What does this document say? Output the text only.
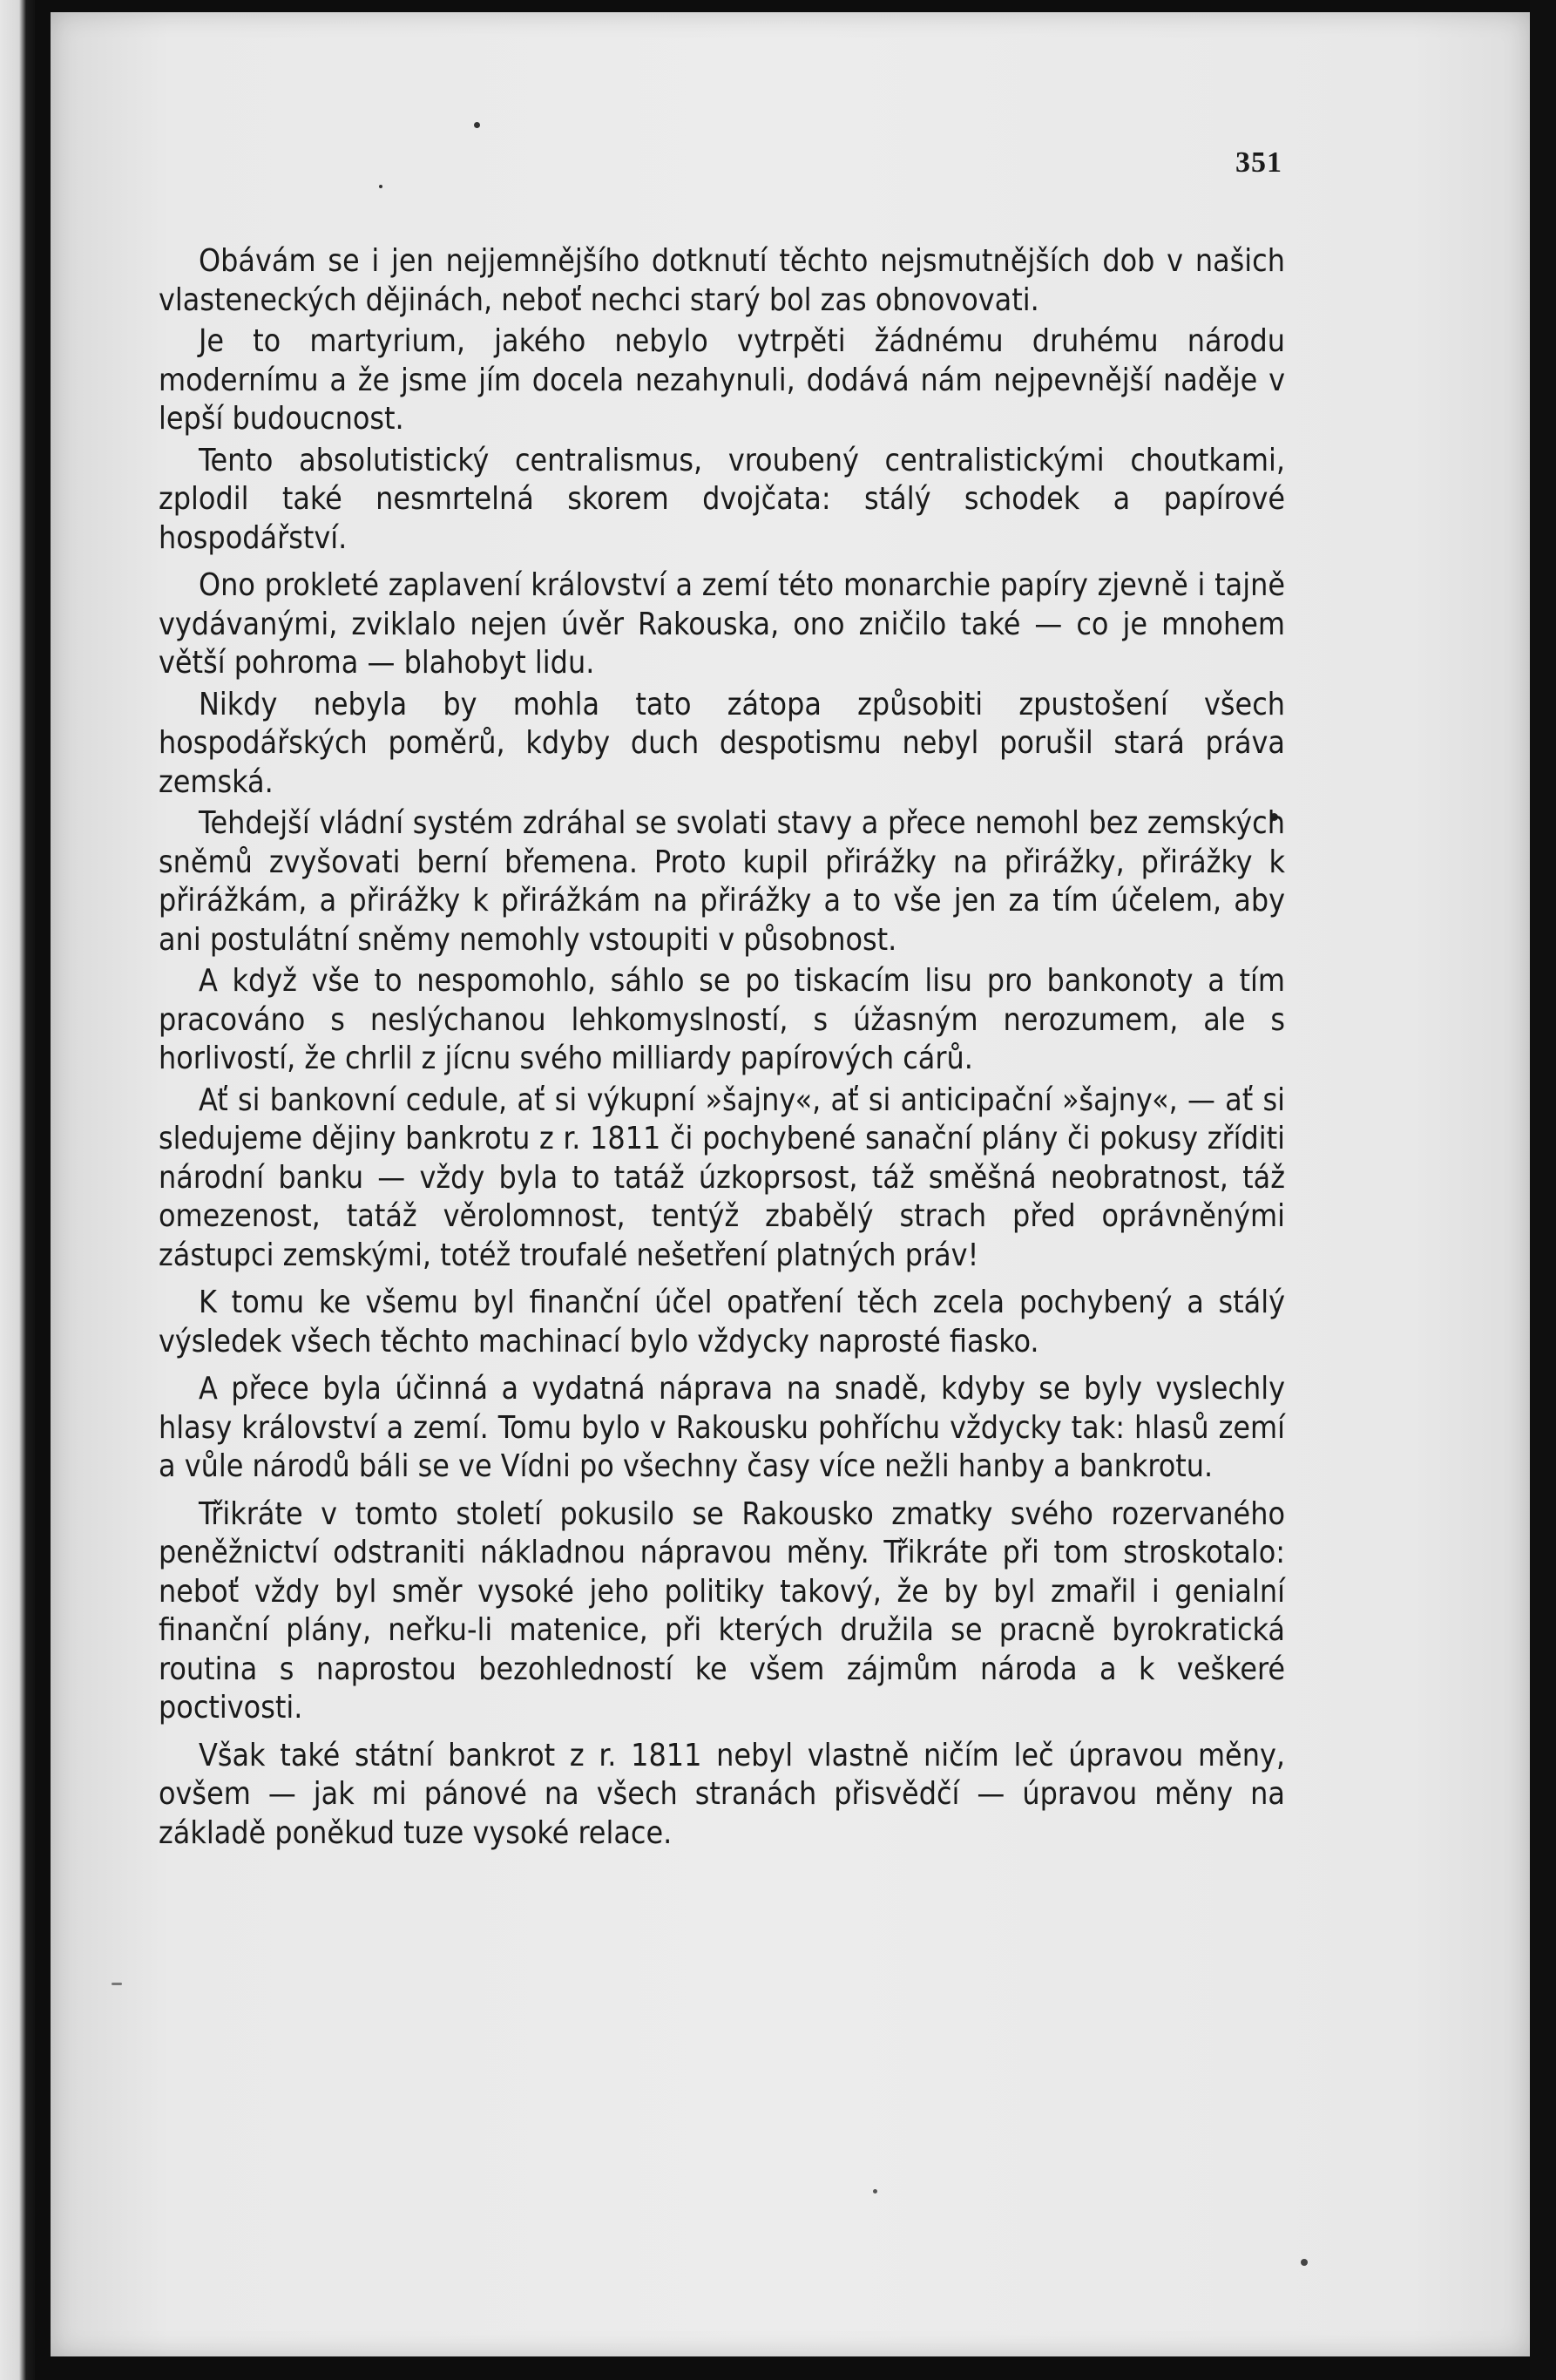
351

Obávám se i jen nejjemnějšího dotknutí těchto nejsmutnějších dob v našich vlasteneckých dějinách, neboť nechci starý bol zas obnovovati.

Je to martyrium, jakého nebylo vytrpěti žádnému druhému národu modernímu a že jsme jím docela nezahynuli, dodává nám nejpevnější naděje v lepší budoucnost.

Tento absolutistický centralismus, vroubený centralistickými choutkami, zplodil také nesmrtelná skorem dvojčata: stálý schodek a papírové hospodářství.

Ono prokleté zaplavení království a zemí této monarchie papíry zjevně i tajně vydávanými, zviklalo nejen úvěr Rakouska, ono zničilo také — co je mnohem větší pohroma — blahobyt lidu.

Nikdy nebyla by mohla tato zátopa způsobiti zpustošení všech hospodářských poměrů, kdyby duch despotismu nebyl porušil stará práva zemská.

Tehdejší vládní systém zdráhal se svolati stavy a přece nemohl bez zemských sněmů zvyšovati berní břemena. Proto kupil přirážky na přirážky, přirážky k přirážkám, a přirážky k přirážkám na přirážky a to vše jen za tím účelem, aby ani postulátní sněmy nemohly vstoupiti v působnost.

A když vše to nespomohlo, sáhlo se po tiskacím lisu pro bankonoty a tím pracováno s neslýchanou lehkomyslností, s úžasným nerozumem, ale s horlivostí, že chrlil z jícnu svého milliardy papírových cárů.

Ať si bankovní cedule, ať si výkupní »šajny«, ať si anticipační »šajny«, — ať si sledujeme dějiny bankrotu z r. 1811 či pochybené sanační plány či pokusy zříditi národní banku — vždy byla to tatáž úzkoprsost, táž směšná neobratnost, táž omezenost, tatáž věrolomnost, tentýž zbabělý strach před oprávněnými zástupci zemskými, totéž troufalé nešetření platných práv!

K tomu ke všemu byl finanční účel opatření těch zcela pochybený a stálý výsledek všech těchto machinací bylo vždycky naprosté fiasko.

A přece byla účinná a vydatná náprava na snadě, kdyby se byly vyslechly hlasy království a zemí. Tomu bylo v Rakousku pohříchu vždycky tak: hlasů zemí a vůle národů báli se ve Vídni po všechny časy více nežli hanby a bankrotu.

Třikráte v tomto století pokusilo se Rakousko zmatky svého rozervaného peněžnictví odstraniti nákladnou nápravou měny. Třikráte při tom stroskotalo: neboť vždy byl směr vysoké jeho politiky takový, že by byl zmařil i genialní finanční plány, neřku-li matenice, při kterých družila se pracně byrokratická routina s naprostou bezohledností ke všem zájmům národa a k veškeré poctivosti.

Však také státní bankrot z r. 1811 nebyl vlastně ničím leč úpravou měny, ovšem — jak mi pánové na všech stranách přisvědčí — úpravou měny na základě poněkud tuze vysoké relace.
